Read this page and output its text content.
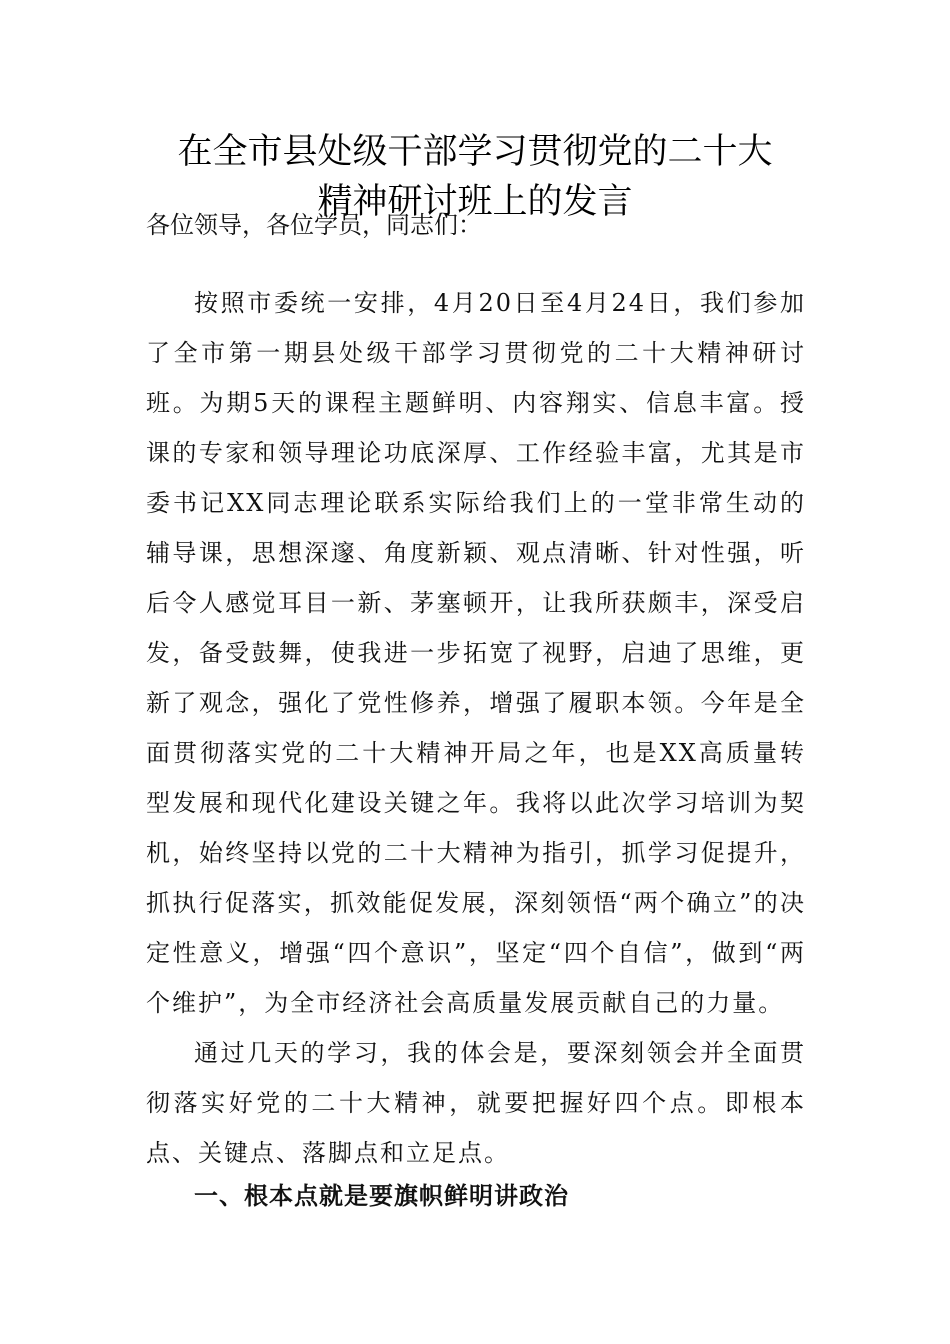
在全市县处级干部学习贯彻党的二十大
精神研讨班上的发言
各位领导，各位学员，同志们：
按照市委统一安排，4月20日至4月24日，我们参加了全市第一期县处级干部学习贯彻党的二十大精神研讨班。为期5天的课程主题鲜明、内容翔实、信息丰富。授课的专家和领导理论功底深厚、工作经验丰富，尤其是市委书记XX同志理论联系实际给我们上的一堂非常生动的辅导课，思想深邃、角度新颖、观点清晰、针对性强，听后令人感觉耳目一新、茅塞顿开，让我所获颇丰，深受启发，备受鼓舞，使我进一步拓宽了视野，启迪了思维，更新了观念，强化了党性修养，增强了履职本领。今年是全面贯彻落实党的二十大精神开局之年，也是XX高质量转型发展和现代化建设关键之年。我将以此次学习培训为契机，始终坚持以党的二十大精神为指引，抓学习促提升，抓执行促落实，抓效能促发展，深刻领悟“两个确立”的决定性意义，增强“四个意识”，坚定“四个自信”，做到“两个维护”，为全市经济社会高质量发展贡献自己的力量。
通过几天的学习，我的体会是，要深刻领会并全面贯彻落实好党的二十大精神，就要把握好四个点。即根本点、关键点、落脚点和立足点。
一、根本点就是要旗帜鲜明讲政治
